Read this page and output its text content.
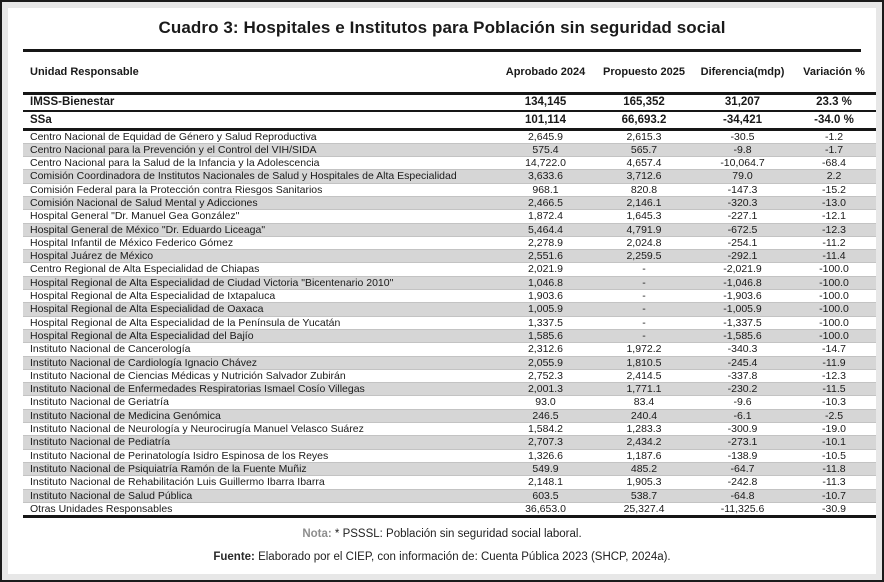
Cuadro 3: Hospitales e Institutos para Población sin seguridad social
Unidad Responsable	Aprobado 2024	Propuesto 2025	Diferencia(mdp)	Variación %
IMSS-Bienestar	134,145	165,352	31,207	23.3 %
SSa	101,114	66,693.2	-34,421	-34.0 %
Centro Nacional de Equidad de Género y Salud Reproductiva	2,645.9	2,615.3	-30.5	-1.2
Centro Nacional para la Prevención y el Control del VIH/SIDA	575.4	565.7	-9.8	-1.7
Centro Nacional para la Salud de la Infancia y la Adolescencia	14,722.0	4,657.4	-10,064.7	-68.4
Comisión Coordinadora de Institutos Nacionales de Salud y Hospitales de Alta Especialidad	3,633.6	3,712.6	79.0	2.2
Comisión Federal para la Protección contra Riesgos Sanitarios	968.1	820.8	-147.3	-15.2
Comisión Nacional de Salud Mental y Adicciones	2,466.5	2,146.1	-320.3	-13.0
Hospital General "Dr. Manuel Gea González"	1,872.4	1,645.3	-227.1	-12.1
Hospital General de México "Dr. Eduardo Liceaga"	5,464.4	4,791.9	-672.5	-12.3
Hospital Infantil de México Federico Gómez	2,278.9	2,024.8	-254.1	-11.2
Hospital Juárez de México	2,551.6	2,259.5	-292.1	-11.4
Centro Regional de Alta Especialidad de Chiapas	2,021.9	-	-2,021.9	-100.0
Hospital Regional de Alta Especialidad de Ciudad Victoria "Bicentenario 2010"	1,046.8	-	-1,046.8	-100.0
Hospital Regional de Alta Especialidad de Ixtapaluca	1,903.6	-	-1,903.6	-100.0
Hospital Regional de Alta Especialidad de Oaxaca	1,005.9	-	-1,005.9	-100.0
Hospital Regional de Alta Especialidad de la Península de Yucatán	1,337.5	-	-1,337.5	-100.0
Hospital Regional de Alta Especialidad del Bajío	1,585.6	-	-1,585.6	-100.0
Instituto Nacional de Cancerología	2,312.6	1,972.2	-340.3	-14.7
Instituto Nacional de Cardiología Ignacio Chávez	2,055.9	1,810.5	-245.4	-11.9
Instituto Nacional de Ciencias Médicas y Nutrición Salvador Zubirán	2,752.3	2,414.5	-337.8	-12.3
Instituto Nacional de Enfermedades Respiratorias Ismael Cosío Villegas	2,001.3	1,771.1	-230.2	-11.5
Instituto Nacional de Geriatría	93.0	83.4	-9.6	-10.3
Instituto Nacional de Medicina Genómica	246.5	240.4	-6.1	-2.5
Instituto Nacional de Neurología y Neurocirugía Manuel Velasco Suárez	1,584.2	1,283.3	-300.9	-19.0
Instituto Nacional de Pediatría	2,707.3	2,434.2	-273.1	-10.1
Instituto Nacional de Perinatología Isidro Espinosa de los Reyes	1,326.6	1,187.6	-138.9	-10.5
Instituto Nacional de Psiquiatría Ramón de la Fuente Muñiz	549.9	485.2	-64.7	-11.8
Instituto Nacional de Rehabilitación Luis Guillermo Ibarra Ibarra	2,148.1	1,905.3	-242.8	-11.3
Instituto Nacional de Salud Pública	603.5	538.7	-64.8	-10.7
Otras Unidades Responsables	36,653.0	25,327.4	-11,325.6	-30.9

Nota: * PSSSL: Población sin seguridad social laboral.

Fuente: Elaborado por el CIEP, con información de: Cuenta Pública 2023 (SHCP, 2024a).
